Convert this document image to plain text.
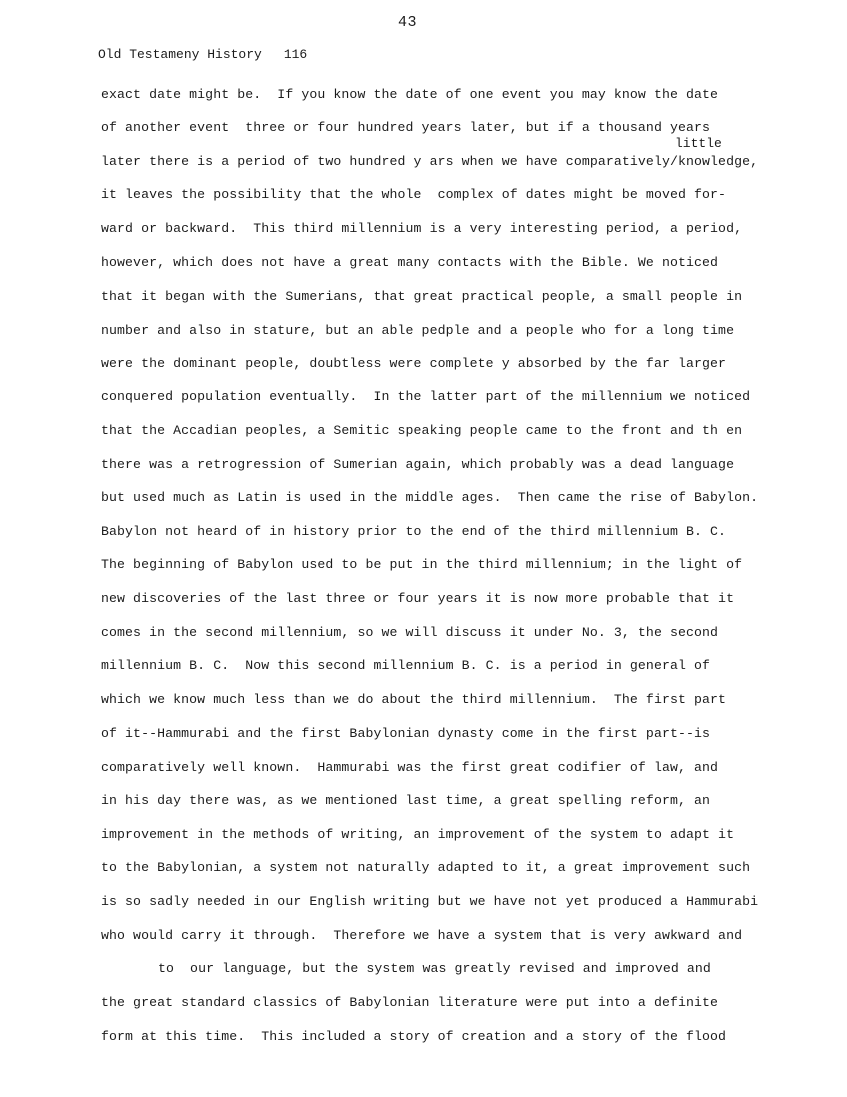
43
Old Testameny History 116
little
exact date might be.  If you know the date of one event you may know the date
of another event  three or four hundred years later, but if a thousand years
later there is a period of two hundred y ars when we have comparatively/knowledge,
it leaves the possibility that the whole  complex of dates might be moved for-
ward or backward.  This third millennium is a very interesting period, a period,
however, which does not have a great many contacts with the Bible. We noticed
that it began with the Sumerians, that great practical people, a small people in
number and also in stature, but an able pedple and a people who for a long time
were the dominant people, doubtless were complete y absorbed by the far larger
conquered population eventually.  In the latter part of the millennium we noticed
that the Accadian peoples, a Semitic speaking people came to the front and th en
there was a retrogression of Sumerian again, which probably was a dead language
but used much as Latin is used in the middle ages.  Then came the rise of Babylon.
Babylon not heard of in history prior to the end of the third millennium B. C.
The beginning of Babylon used to be put in the third millennium; in the light of
new discoveries of the last three or four years it is now more probable that it
comes in the second millennium, so we will discuss it under No. 3, the second
millennium B. C.  Now this second millennium B. C. is a period in general of
which we know much less than we do about the third millennium.  The first part
of it--Hammurabi and the first Babylonian dynasty come in the first part--is
comparatively well known.  Hammurabi was the first great codifier of law, and
in his day there was, as we mentioned last time, a great spelling reform, an
improvement in the methods of writing, an improvement of the system to adapt it
to the Babylonian, a system not naturally adapted to it, a great improvement such
is so sadly needed in our English writing but we have not yet produced a Hammurabi
who would carry it through.  Therefore we have a system that is very awkward and
to  our language, but the system was greatly revised and improved and
the great standard classics of Babylonian literature were put into a definite
form at this time.  This included a story of creation and a story of the flood
